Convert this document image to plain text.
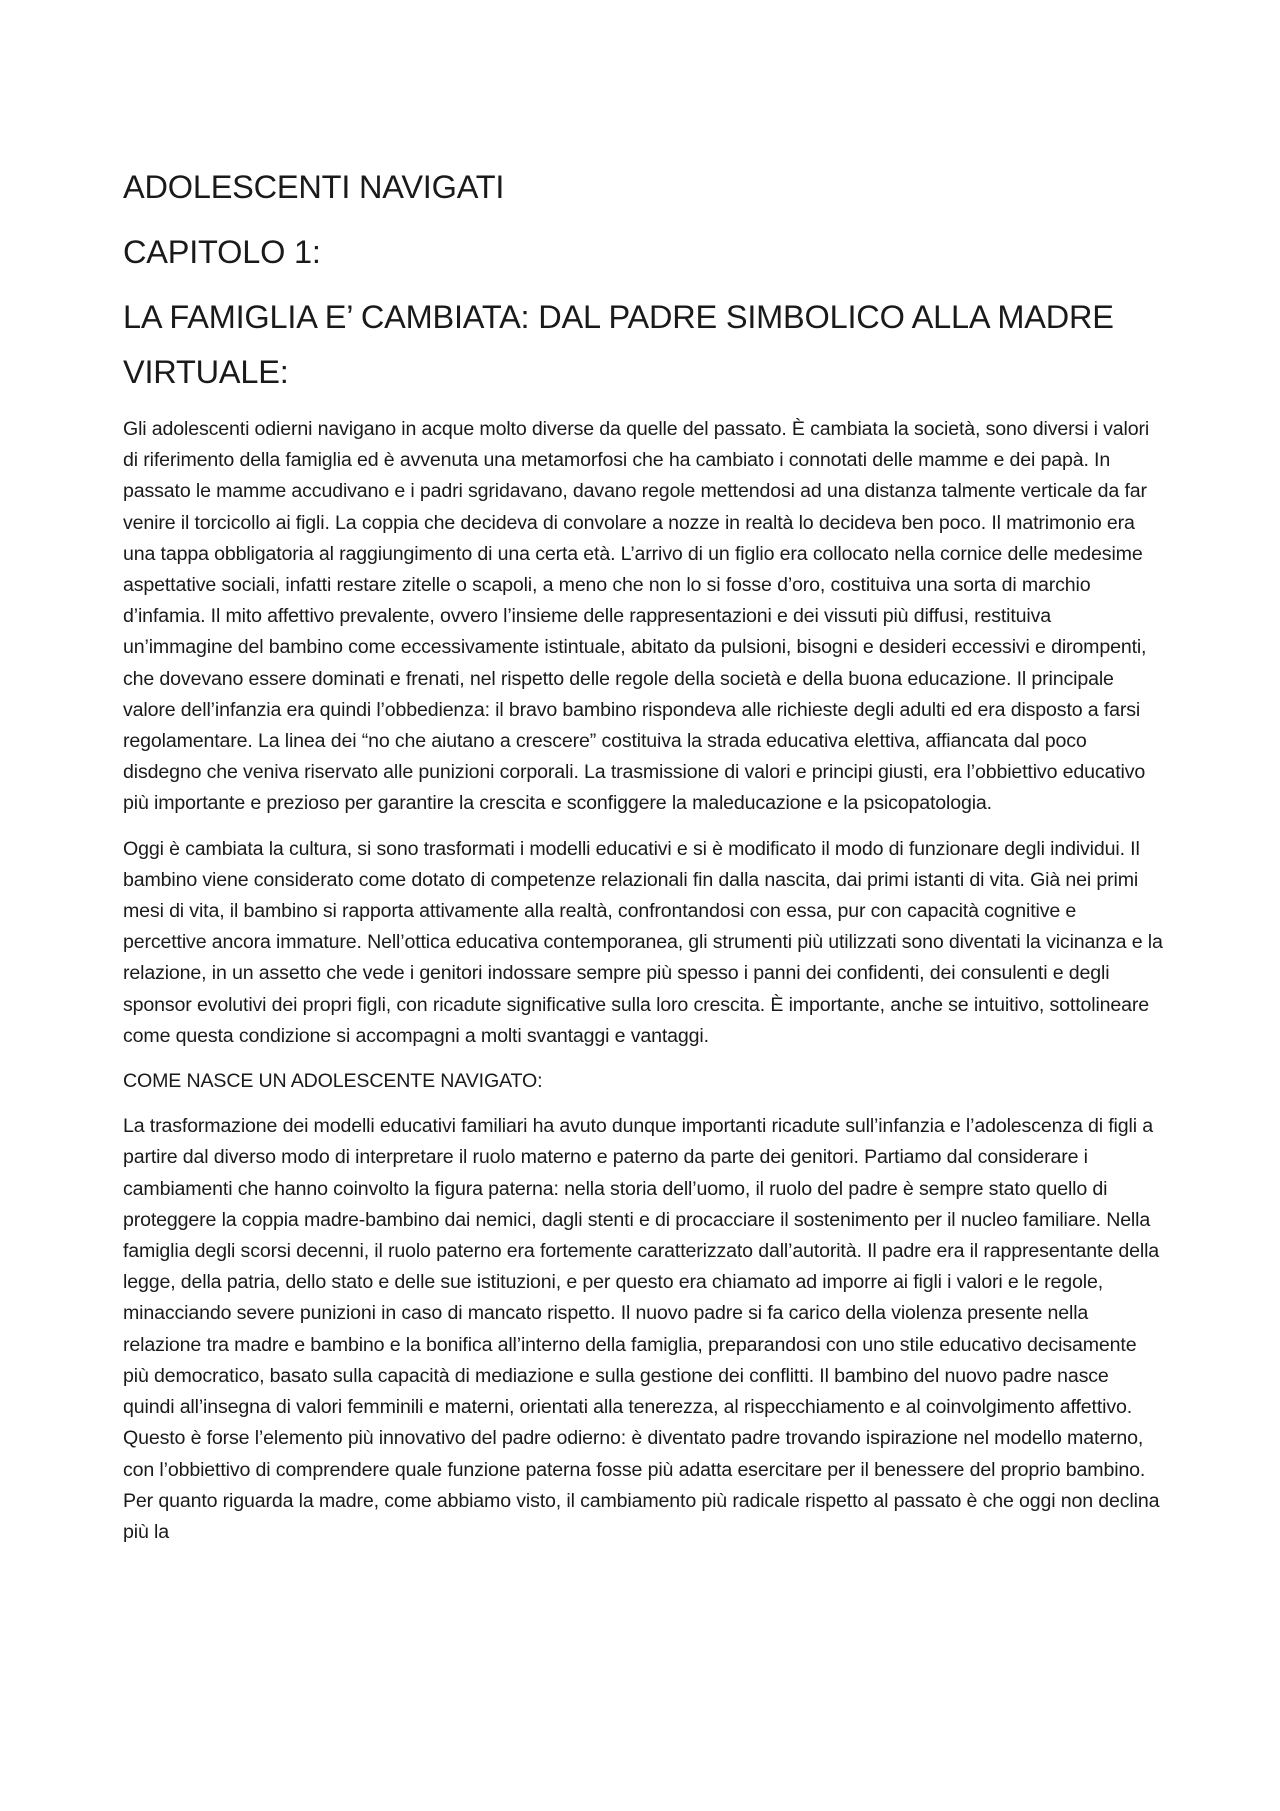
ADOLESCENTI NAVIGATI
CAPITOLO 1:
LA FAMIGLIA E’ CAMBIATA: DAL PADRE SIMBOLICO ALLA MADRE VIRTUALE:

Gli adolescenti odierni navigano in acque molto diverse da quelle del passato. È cambiata la società, sono diversi i valori di riferimento della famiglia ed è avvenuta una metamorfosi che ha cambiato i connotati delle mamme e dei papà. In passato le mamme accudivano e i padri sgridavano, davano regole mettendosi ad una distanza talmente verticale da far venire il torcicollo ai figli. La coppia che decideva di convolare a nozze in realtà lo decideva ben poco. Il matrimonio era una tappa obbligatoria al raggiungimento di una certa età. L’arrivo di un figlio era collocato nella cornice delle medesime aspettative sociali, infatti restare zitelle o scapoli, a meno che non lo si fosse d’oro, costituiva una sorta di marchio d’infamia. Il mito affettivo prevalente, ovvero l’insieme delle rappresentazioni e dei vissuti più diffusi, restituiva un’immagine del bambino come eccessivamente istintuale, abitato da pulsioni, bisogni e desideri eccessivi e dirompenti, che dovevano essere dominati e frenati, nel rispetto delle regole della società e della buona educazione. Il principale valore dell’infanzia era quindi l’obbedienza: il bravo bambino rispondeva alle richieste degli adulti ed era disposto a farsi regolamentare. La linea dei “no che aiutano a crescere” costituiva la strada educativa elettiva, affiancata dal poco disdegno che veniva riservato alle punizioni corporali. La trasmissione di valori e principi giusti, era l’obbiettivo educativo più importante e prezioso per garantire la crescita e sconfiggere la maleducazione e la psicopatologia.

Oggi è cambiata la cultura, si sono trasformati i modelli educativi e si è modificato il modo di funzionare degli individui. Il bambino viene considerato come dotato di competenze relazionali fin dalla nascita, dai primi istanti di vita. Già nei primi mesi di vita, il bambino si rapporta attivamente alla realtà, confrontandosi con essa, pur con capacità cognitive e percettive ancora immature. Nell’ottica educativa contemporanea, gli strumenti più utilizzati sono diventati la vicinanza e la relazione, in un assetto che vede i genitori indossare sempre più spesso i panni dei confidenti, dei consulenti e degli sponsor evolutivi dei propri figli, con ricadute significative sulla loro crescita. È importante, anche se intuitivo, sottolineare come questa condizione si accompagni a molti svantaggi e vantaggi.

COME NASCE UN ADOLESCENTE NAVIGATO:

La trasformazione dei modelli educativi familiari ha avuto dunque importanti ricadute sull’infanzia e l’adolescenza di figli a partire dal diverso modo di interpretare il ruolo materno e paterno da parte dei genitori. Partiamo dal considerare i cambiamenti che hanno coinvolto la figura paterna: nella storia dell’uomo, il ruolo del padre è sempre stato quello di proteggere la coppia madre-bambino dai nemici, dagli stenti e di procacciare il sostenimento per il nucleo familiare. Nella famiglia degli scorsi decenni, il ruolo paterno era fortemente caratterizzato dall’autorità. Il padre era il rappresentante della legge, della patria, dello stato e delle sue istituzioni, e per questo era chiamato ad imporre ai figli i valori e le regole, minacciando severe punizioni in caso di mancato rispetto. Il nuovo padre si fa carico della violenza presente nella relazione tra madre e bambino e la bonifica all’interno della famiglia, preparandosi con uno stile educativo decisamente più democratico, basato sulla capacità di mediazione e sulla gestione dei conflitti. Il bambino del nuovo padre nasce quindi all’insegna di valori femminili e materni, orientati alla tenerezza, al rispecchiamento e al coinvolgimento affettivo. Questo è forse l’elemento più innovativo del padre odierno: è diventato padre trovando ispirazione nel modello materno, con l’obbiettivo di comprendere quale funzione paterna fosse più adatta esercitare per il benessere del proprio bambino. Per quanto riguarda la madre, come abbiamo visto, il cambiamento più radicale rispetto al passato è che oggi non declina più la
